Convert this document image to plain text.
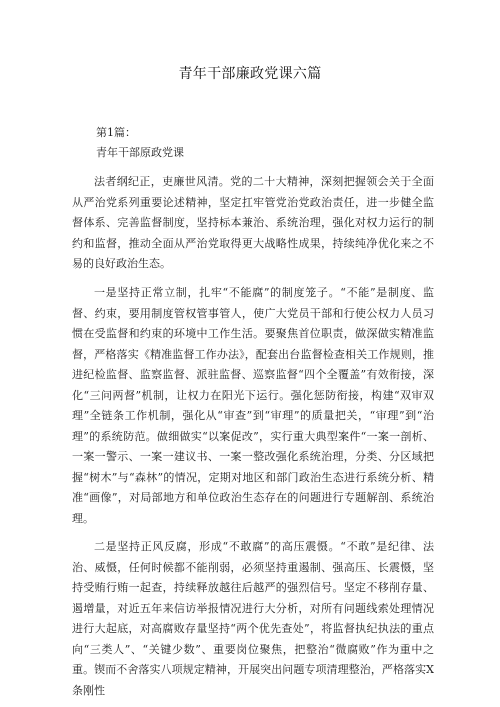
青年干部廉政党课六篇
第1篇：
青年干部原政党课

法者纲纪正，吏廉世风清。党的二十大精神，深刻把握领会关于全面从严治党系列重要论述精神，坚定扛牢管党治党政治责任，进一步健全监督体系、完善监督制度，坚持标本兼治、系统治理，强化对权力运行的制约和监督，推动全面从严治党取得更大战略性成果，持续纯净优化来之不易的良好政治生态。

一是坚持正常立制，扎牢“不能腐”的制度笼子。“不能”是制度、监督、约束，要用制度管权管事管人，使广大党员干部和行使公权力人员习惯在受监督和约束的环境中工作生活。要聚焦首位职责，做深做实精准监督，严格落实《精准监督工作办法》，配套出台监督检查相关工作规则，推进纪检监督、监察监督、派驻监督、巡察监督“四个全覆盖”有效衔接，深化“三问两督”机制，让权力在阳光下运行。强化惩防衔接，构建“双审双理”全链条工作机制，强化从“审查”到“审理”的质量把关，“审理”到“治理”的系统防范。做细做实“以案促改”，实行重大典型案件“一案一剖析、一案一警示、一案一建议书、一案一整改强化系统治理，分类、分区域把握“树木”与“森林”的情况，定期对地区和部门政治生态进行系统分析、精准“画像”，对局部地方和单位政治生态存在的问题进行专题解剖、系统治理。

二是坚持正风反腐，形成“不敢腐”的高压震慑。“不敢”是纪律、法治、威慑，任何时候都不能削弱，必须坚持重遏制、强高压、长震慑，坚持受贿行贿一起查，持续释放越往后越严的强烈信号。坚定不移削存量、遏增量，对近五年来信访举报情况进行大分析，对所有问题线索处理情况进行大起底，对高腐败存量坚持“两个优先查处”，将监督执纪执法的重点向“三类人”、“关键少数”、重要岗位聚焦，把整治“微腐败”作为重中之重。锲而不舍落实八项规定精神，开展突出问题专项清理整治，严格落实X条刚性
